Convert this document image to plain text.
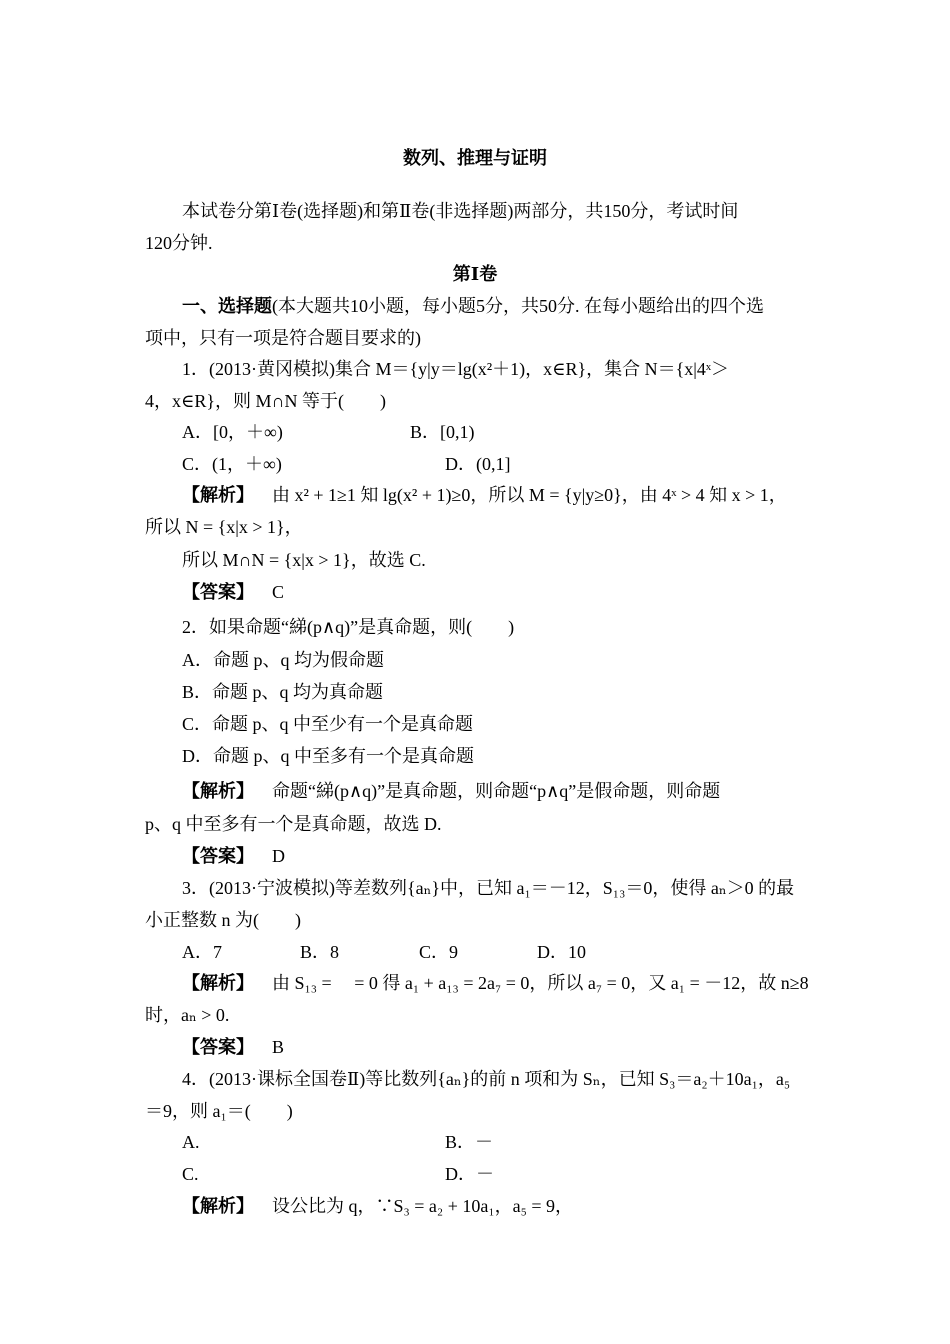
数列、推理与证明
本试卷分第Ⅰ卷(选择题)和第Ⅱ卷(非选择题)两部分，共150分，考试时间
120分钟.
第Ⅰ卷
一、选择题(本大题共10小题，每小题5分，共50分. 在每小题给出的四个选
项中，只有一项是符合题目要求的)
1．(2013·黄冈模拟)集合 M＝{y|y＝lg(x²＋1)，x∈R}，集合 N＝{x|4ˣ＞
4，x∈R}，则 M∩N 等于(　　)
A．[0，＋∞)	B．[0,1)
C．(1，＋∞)	D．(0,1]
【解析】  由 x² + 1≥1 知 lg(x² + 1)≥0，所以 M = {y|y≥0}，由 4ˣ > 4 知 x > 1，
所以 N = {x|x > 1}，
所以 M∩N = {x|x > 1}，故选 C.
【答案】  C
2．如果命题“綈(p∧q)”是真命题，则(　　)
A．命题 p、q 均为假命题
B．命题 p、q 均为真命题
C．命题 p、q 中至少有一个是真命题
D．命题 p、q 中至多有一个是真命题
【解析】  命题“綈(p∧q)”是真命题，则命题“p∧q”是假命题，则命题
p、q 中至多有一个是真命题，故选 D.
【答案】  D
3．(2013·宁波模拟)等差数列{aₙ}中，已知 a₁＝－12，S₁₃＝0，使得 aₙ＞0 的最
小正整数 n 为(　　)
A．7	B．8	C．9	D．10
【解析】  由 S₁₃ = 　= 0 得 a₁ + a₁₃ = 2a₇ = 0，所以 a₇ = 0，又 a₁ = －12，故 n≥8
时，aₙ > 0.
【答案】  B
4．(2013·课标全国卷Ⅱ)等比数列{aₙ}的前 n 项和为 Sₙ，已知 S₃＝a₂＋10a₁，a₅
＝9，则 a₁＝(　　)
A.	B．－
C.	D．－
【解析】  设公比为 q，∵S₃ = a₂ + 10a₁，a₅ = 9，
